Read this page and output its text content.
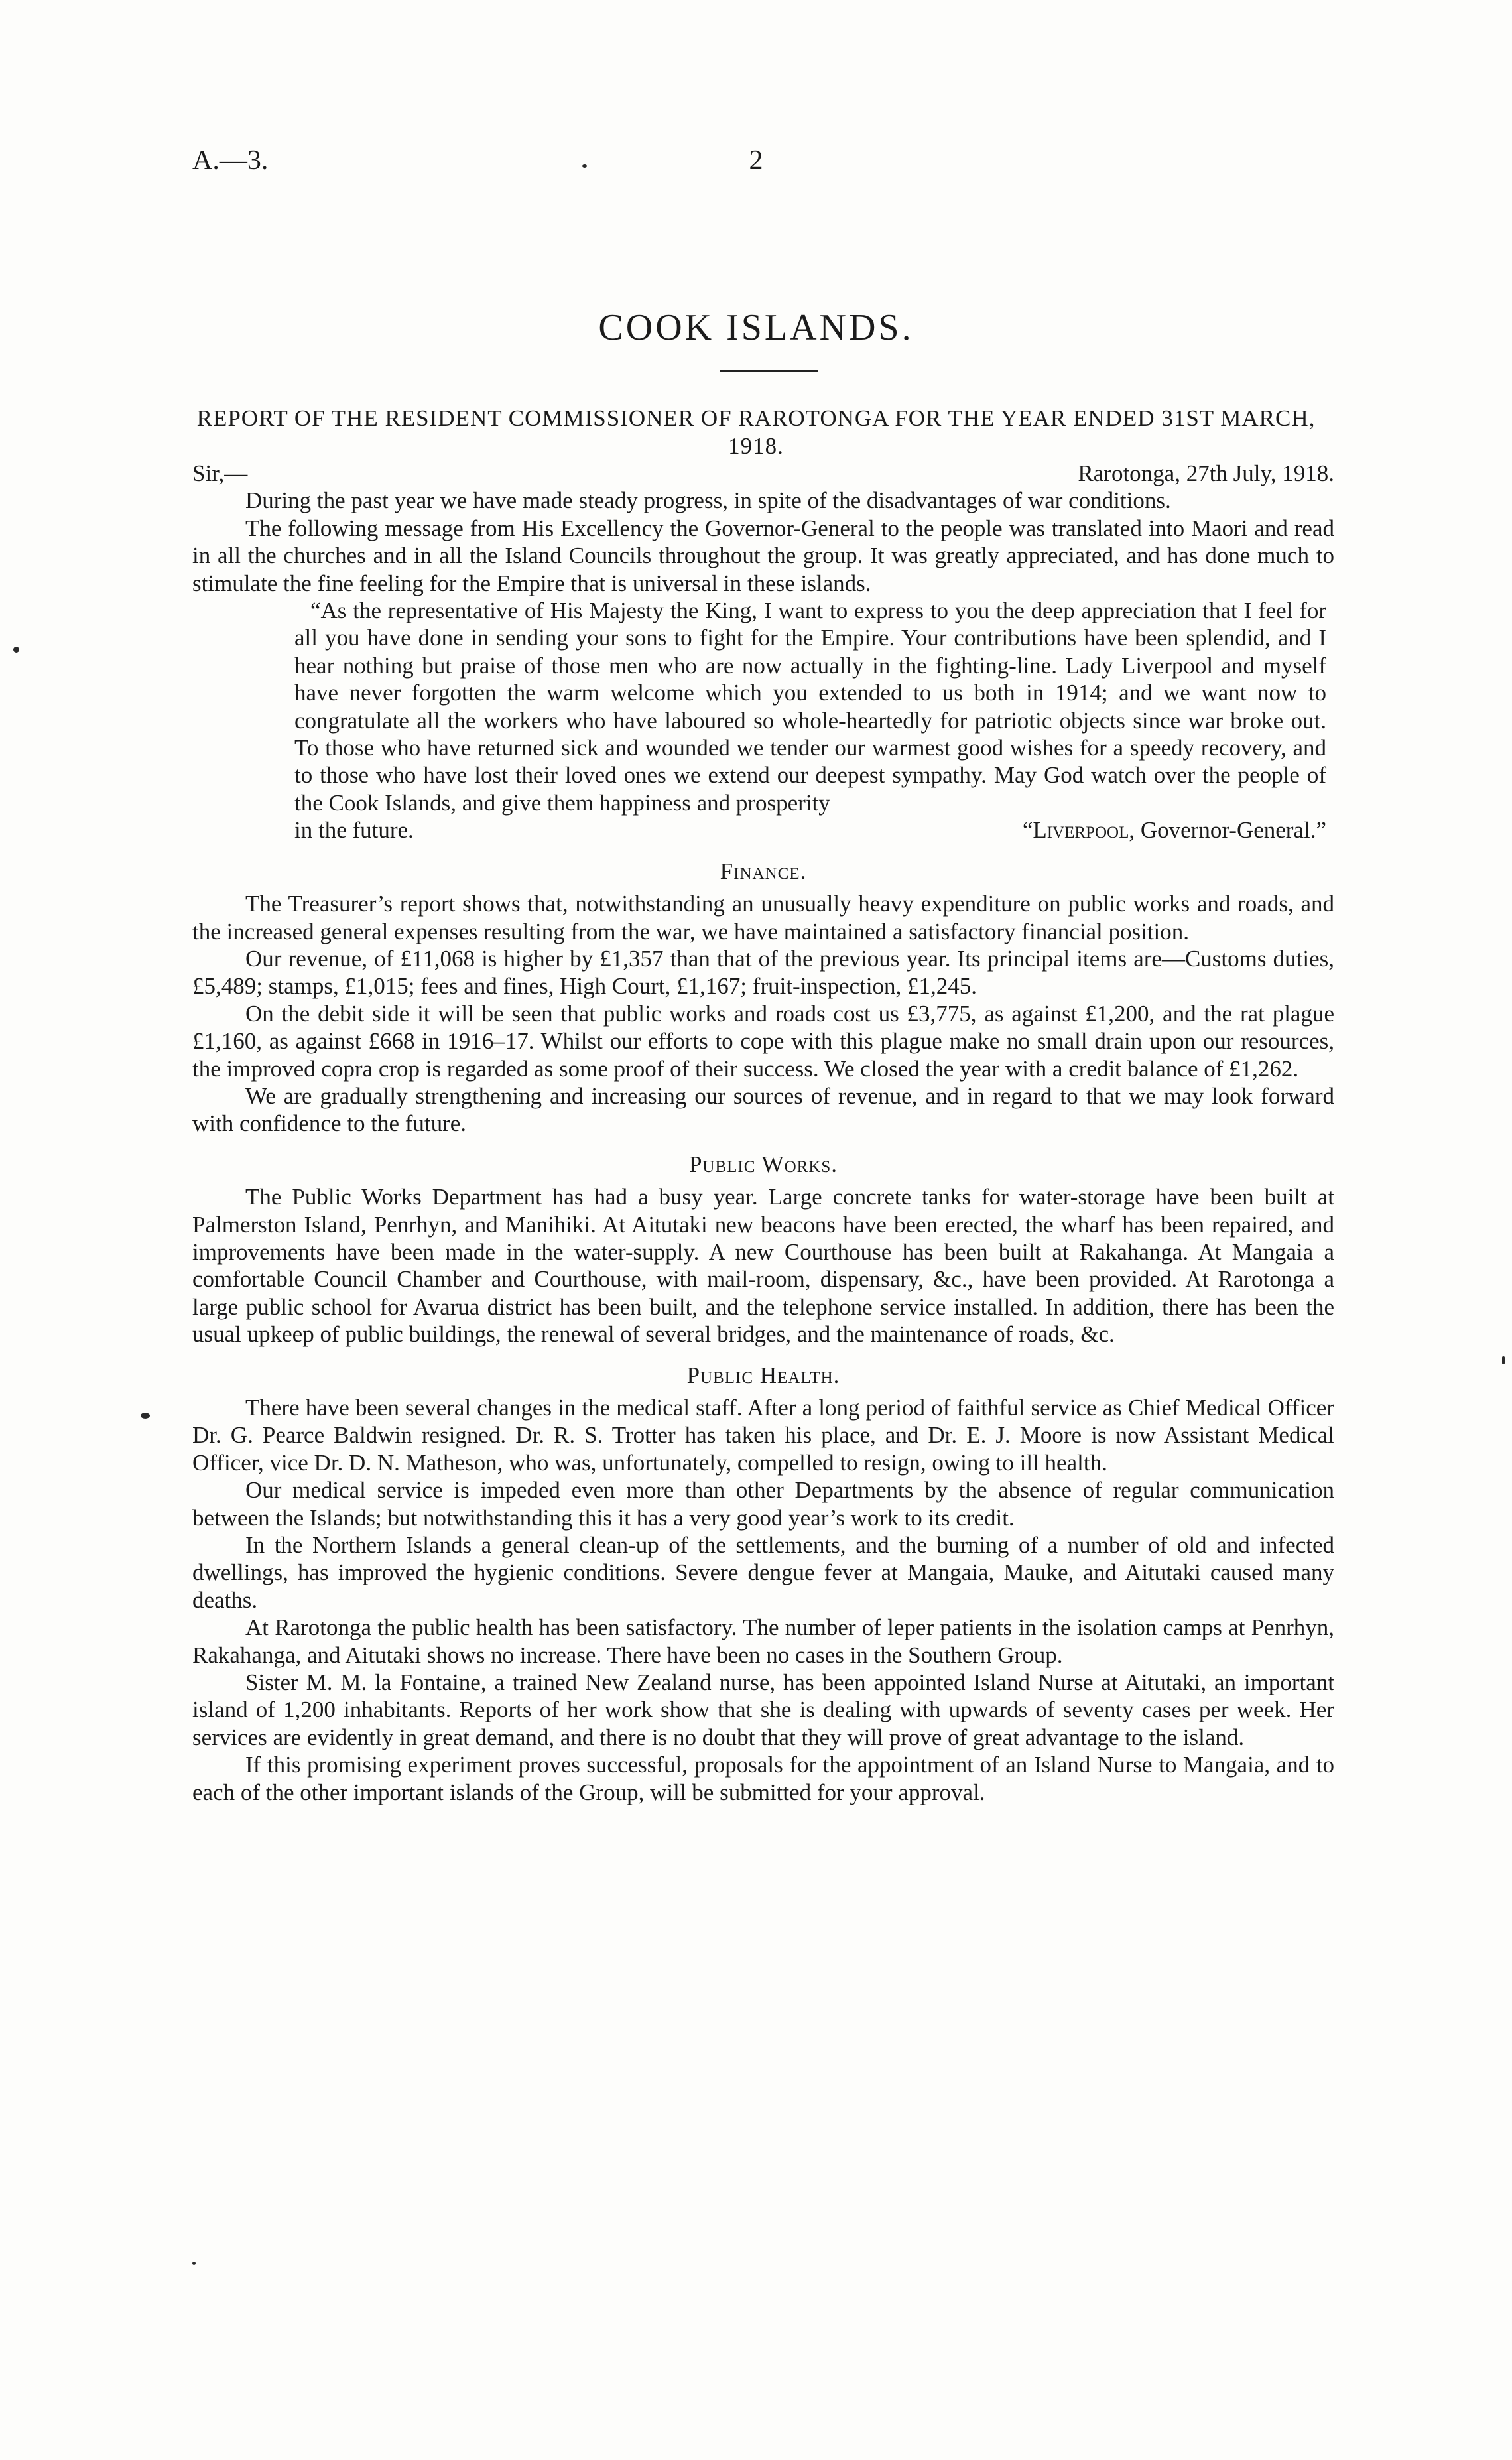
A.—3.	2
COOK ISLANDS.
REPORT OF THE RESIDENT COMMISSIONER OF RAROTONGA FOR THE YEAR ENDED 31ST MARCH, 1918.
Sir,—	Rarotonga, 27th July, 1918.

During the past year we have made steady progress, in spite of the disadvantages of war conditions.

The following message from His Excellency the Governor-General to the people was translated into Maori and read in all the churches and in all the Island Councils throughout the group. It was greatly appreciated, and has done much to stimulate the fine feeling for the Empire that is universal in these islands.

“As the representative of His Majesty the King, I want to express to you the deep appreciation that I feel for all you have done in sending your sons to fight for the Empire. Your contributions have been splendid, and I hear nothing but praise of those men who are now actually in the fighting-line. Lady Liverpool and myself have never forgotten the warm welcome which you extended to us both in 1914; and we want now to congratulate all the workers who have laboured so whole-heartedly for patriotic objects since war broke out. To those who have returned sick and wounded we tender our warmest good wishes for a speedy recovery, and to those who have lost their loved ones we extend our deepest sympathy. May God watch over the people of the Cook Islands, and give them happiness and prosperity

in the future.	“Liverpool, Governor-General.”
Finance.

The Treasurer’s report shows that, notwithstanding an unusually heavy expenditure on public works and roads, and the increased general expenses resulting from the war, we have maintained a satisfactory financial position.

Our revenue, of £11,068 is higher by £1,357 than that of the previous year. Its principal items are—Customs duties, £5,489; stamps, £1,015; fees and fines, High Court, £1,167; fruit-inspection, £1,245.

On the debit side it will be seen that public works and roads cost us £3,775, as against £1,200, and the rat plague £1,160, as against £668 in 1916–17. Whilst our efforts to cope with this plague make no small drain upon our resources, the improved copra crop is regarded as some proof of their success. We closed the year with a credit balance of £1,262.

We are gradually strengthening and increasing our sources of revenue, and in regard to that we may look forward with confidence to the future.

Public Works.

The Public Works Department has had a busy year. Large concrete tanks for water-storage have been built at Palmerston Island, Penrhyn, and Manihiki. At Aitutaki new beacons have been erected, the wharf has been repaired, and improvements have been made in the water-supply. A new Courthouse has been built at Rakahanga. At Mangaia a comfortable Council Chamber and Courthouse, with mail-room, dispensary, &c., have been provided. At Rarotonga a large public school for Avarua district has been built, and the telephone service installed. In addition, there has been the usual upkeep of public buildings, the renewal of several bridges, and the maintenance of roads, &c.

Public Health.

There have been several changes in the medical staff. After a long period of faithful service as Chief Medical Officer Dr. G. Pearce Baldwin resigned. Dr. R. S. Trotter has taken his place, and Dr. E. J. Moore is now Assistant Medical Officer, vice Dr. D. N. Matheson, who was, unfortunately, compelled to resign, owing to ill health.

Our medical service is impeded even more than other Departments by the absence of regular communication between the Islands; but notwithstanding this it has a very good year’s work to its credit.

In the Northern Islands a general clean-up of the settlements, and the burning of a number of old and infected dwellings, has improved the hygienic conditions. Severe dengue fever at Mangaia, Mauke, and Aitutaki caused many deaths.

At Rarotonga the public health has been satisfactory. The number of leper patients in the isolation camps at Penrhyn, Rakahanga, and Aitutaki shows no increase. There have been no cases in the Southern Group.

Sister M. M. la Fontaine, a trained New Zealand nurse, has been appointed Island Nurse at Aitutaki, an important island of 1,200 inhabitants. Reports of her work show that she is dealing with upwards of seventy cases per week. Her services are evidently in great demand, and there is no doubt that they will prove of great advantage to the island.

If this promising experiment proves successful, proposals for the appointment of an Island Nurse to Mangaia, and to each of the other important islands of the Group, will be submitted for your approval.
